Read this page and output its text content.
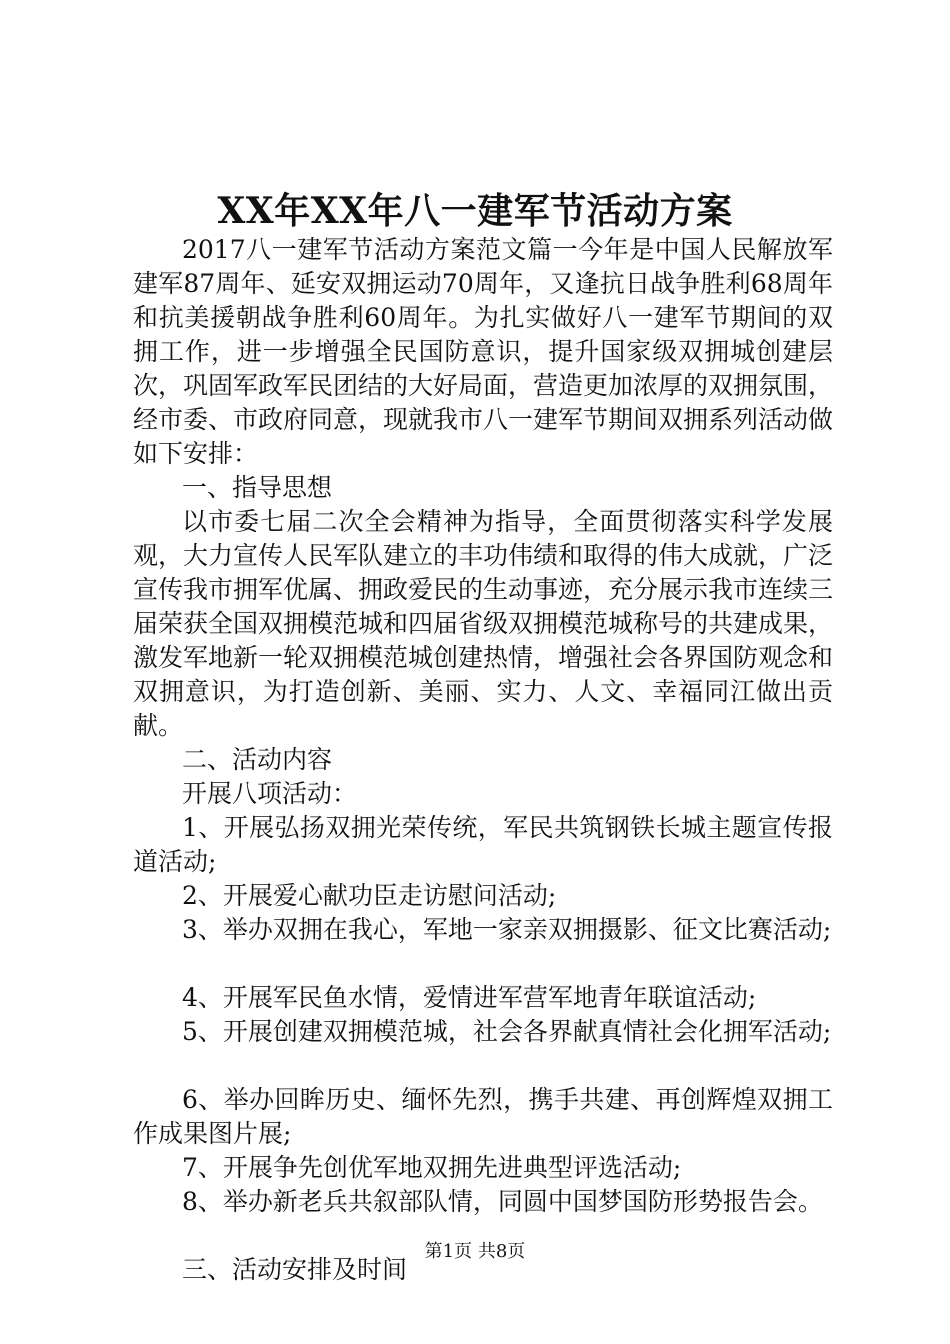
XX年XX年八一建军节活动方案

2017八一建军节活动方案范文篇一今年是中国人民解放军建军87周年、延安双拥运动70周年，又逢抗日战争胜利68周年和抗美援朝战争胜利60周年。为扎实做好八一建军节期间的双拥工作，进一步增强全民国防意识，提升国家级双拥城创建层次，巩固军政军民团结的大好局面，营造更加浓厚的双拥氛围，经市委、市政府同意，现就我市八一建军节期间双拥系列活动做如下安排：

一、指导思想

以市委七届二次全会精神为指导，全面贯彻落实科学发展观，大力宣传人民军队建立的丰功伟绩和取得的伟大成就，广泛宣传我市拥军优属、拥政爱民的生动事迹，充分展示我市连续三届荣获全国双拥模范城和四届省级双拥模范城称号的共建成果，激发军地新一轮双拥模范城创建热情，增强社会各界国防观念和双拥意识，为打造创新、美丽、实力、人文、幸福同江做出贡献。

二、活动内容

开展八项活动：

1、开展弘扬双拥光荣传统，军民共筑钢铁长城主题宣传报道活动;

2、开展爱心献功臣走访慰问活动;

3、举办双拥在我心，军地一家亲双拥摄影、征文比赛活动;

4、开展军民鱼水情，爱情进军营军地青年联谊活动;

5、开展创建双拥模范城，社会各界献真情社会化拥军活动;

6、举办回眸历史、缅怀先烈，携手共建、再创辉煌双拥工作成果图片展;

7、开展争先创优军地双拥先进典型评选活动;

8、举办新老兵共叙部队情，同圆中国梦国防形势报告会。

三、活动安排及时间

第1页 共8页
